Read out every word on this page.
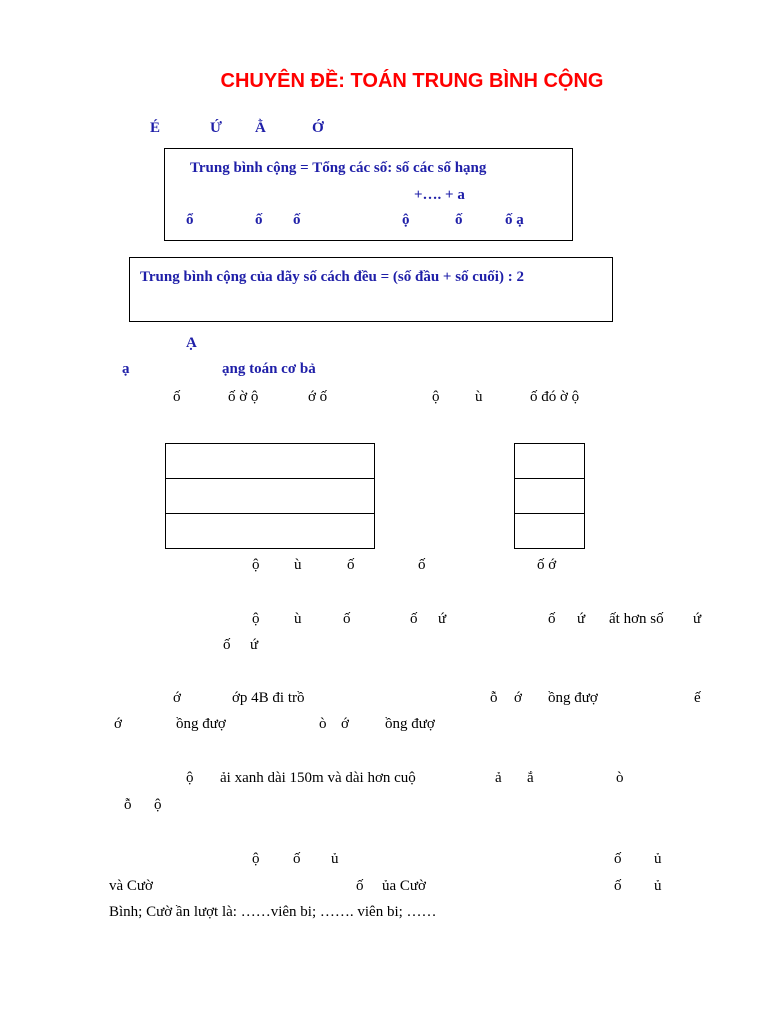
CHUYÊN ĐỀ: TOÁN TRUNG BÌNH CỘNG
É	Ứ Ằ	Ớ
Trung bình cộng = Tổng các số: số các số hạng
+…. + a
ổ	ố ố	ộ	ố	ố ạ
Trung bình cộng của dãy số cách đều = (số đầu + số cuối) : 2
Ạ
ạ	ạng toán cơ bả
ố	ố ờ ộ	ớ ố	ộ ù	ố đó ờ ộ
ộ ù	ố	ố	ố ớ
ộ ù	ố	ố ứ	ố ứ ất hơn số ứ
ố ứ
ớ	ớp 4B đi trồ	ỗ ớ ồng đượ	ế
ớ	ồng đượ	ò ớ ồng đượ
ộ ải xanh dài 150m và dài hơn cuộ	ả ắ	ò
ỗ ộ
ộ ố ủ	ố ủ
và Cườ	ố ủa Cườ	ố ủ
Bình; Cườ ần lượt là: ……viên bi; ……. viên bi; ……
